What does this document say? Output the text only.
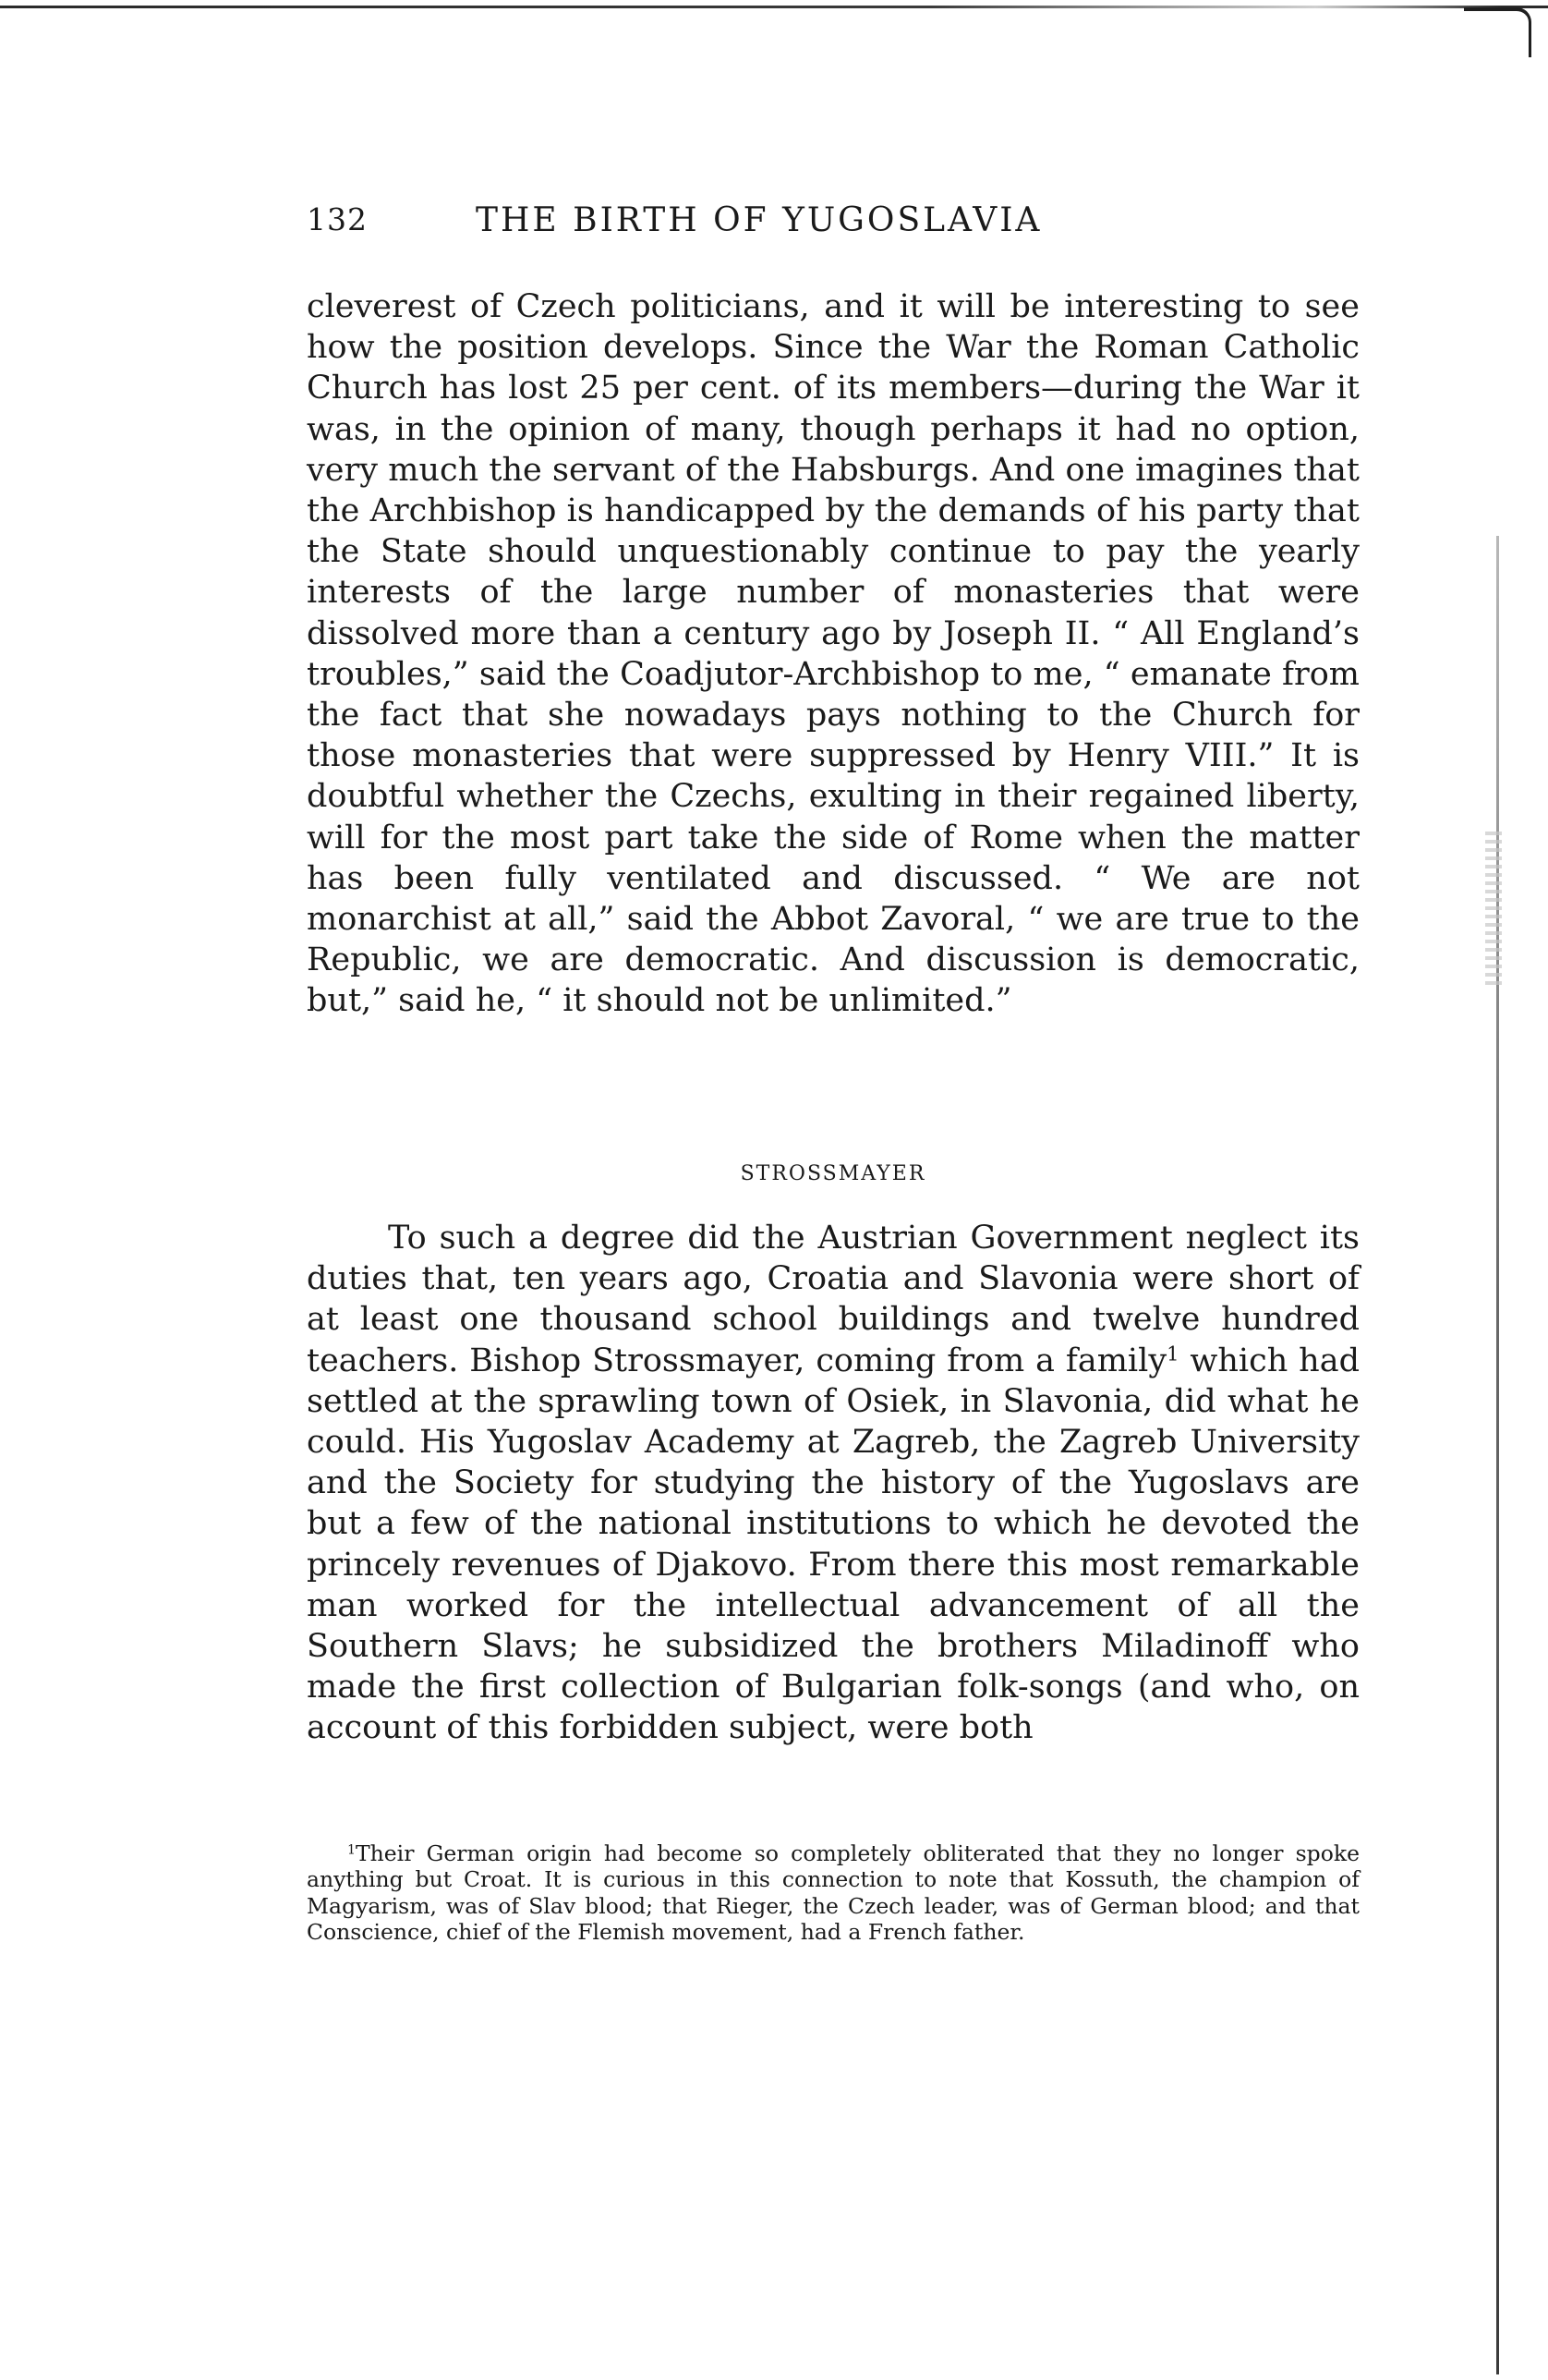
132	THE BIRTH OF YUGOSLAVIA

cleverest of Czech politicians, and it will be interesting to see how the position develops. Since the War the Roman Catholic Church has lost 25 per cent. of its members—during the War it was, in the opinion of many, though perhaps it had no option, very much the servant of the Habsburgs. And one imagines that the Archbishop is handicapped by the demands of his party that the State should unquestionably continue to pay the yearly interests of the large number of monasteries that were dissolved more than a century ago by Joseph II. “ All England’s troubles,” said the Coadjutor-Archbishop to me, “ emanate from the fact that she nowadays pays nothing to the Church for those monasteries that were suppressed by Henry VIII.” It is doubtful whether the Czechs, exulting in their regained liberty, will for the most part take the side of Rome when the matter has been fully ventilated and discussed. “ We are not monarchist at all,” said the Abbot Zavoral, “ we are true to the Republic, we are democratic. And discussion is democratic, but,” said he, “ it should not be unlimited.”

STROSSMAYER

To such a degree did the Austrian Government neglect its duties that, ten years ago, Croatia and Slavonia were short of at least one thousand school buildings and twelve hundred teachers. Bishop Strossmayer, coming from a family$^1$ which had settled at the sprawling town of Osiek, in Slavonia, did what he could. His Yugoslav Academy at Zagreb, the Zagreb University and the Society for studying the history of the Yugoslavs are but a few of the national institutions to which he devoted the princely revenues of Djakovo. From there this most remarkable man worked for the intellectual advancement of all the Southern Slavs; he subsidized the brothers Miladinoff who made the first collection of Bulgarian folk-songs (and who, on account of this forbidden subject, were both

$^1$Their German origin had become so completely obliterated that they no longer spoke anything but Croat. It is curious in this connection to note that Kossuth, the champion of Magyarism, was of Slav blood; that Rieger, the Czech leader, was of German blood; and that Conscience, chief of the Flemish movement, had a French father.
